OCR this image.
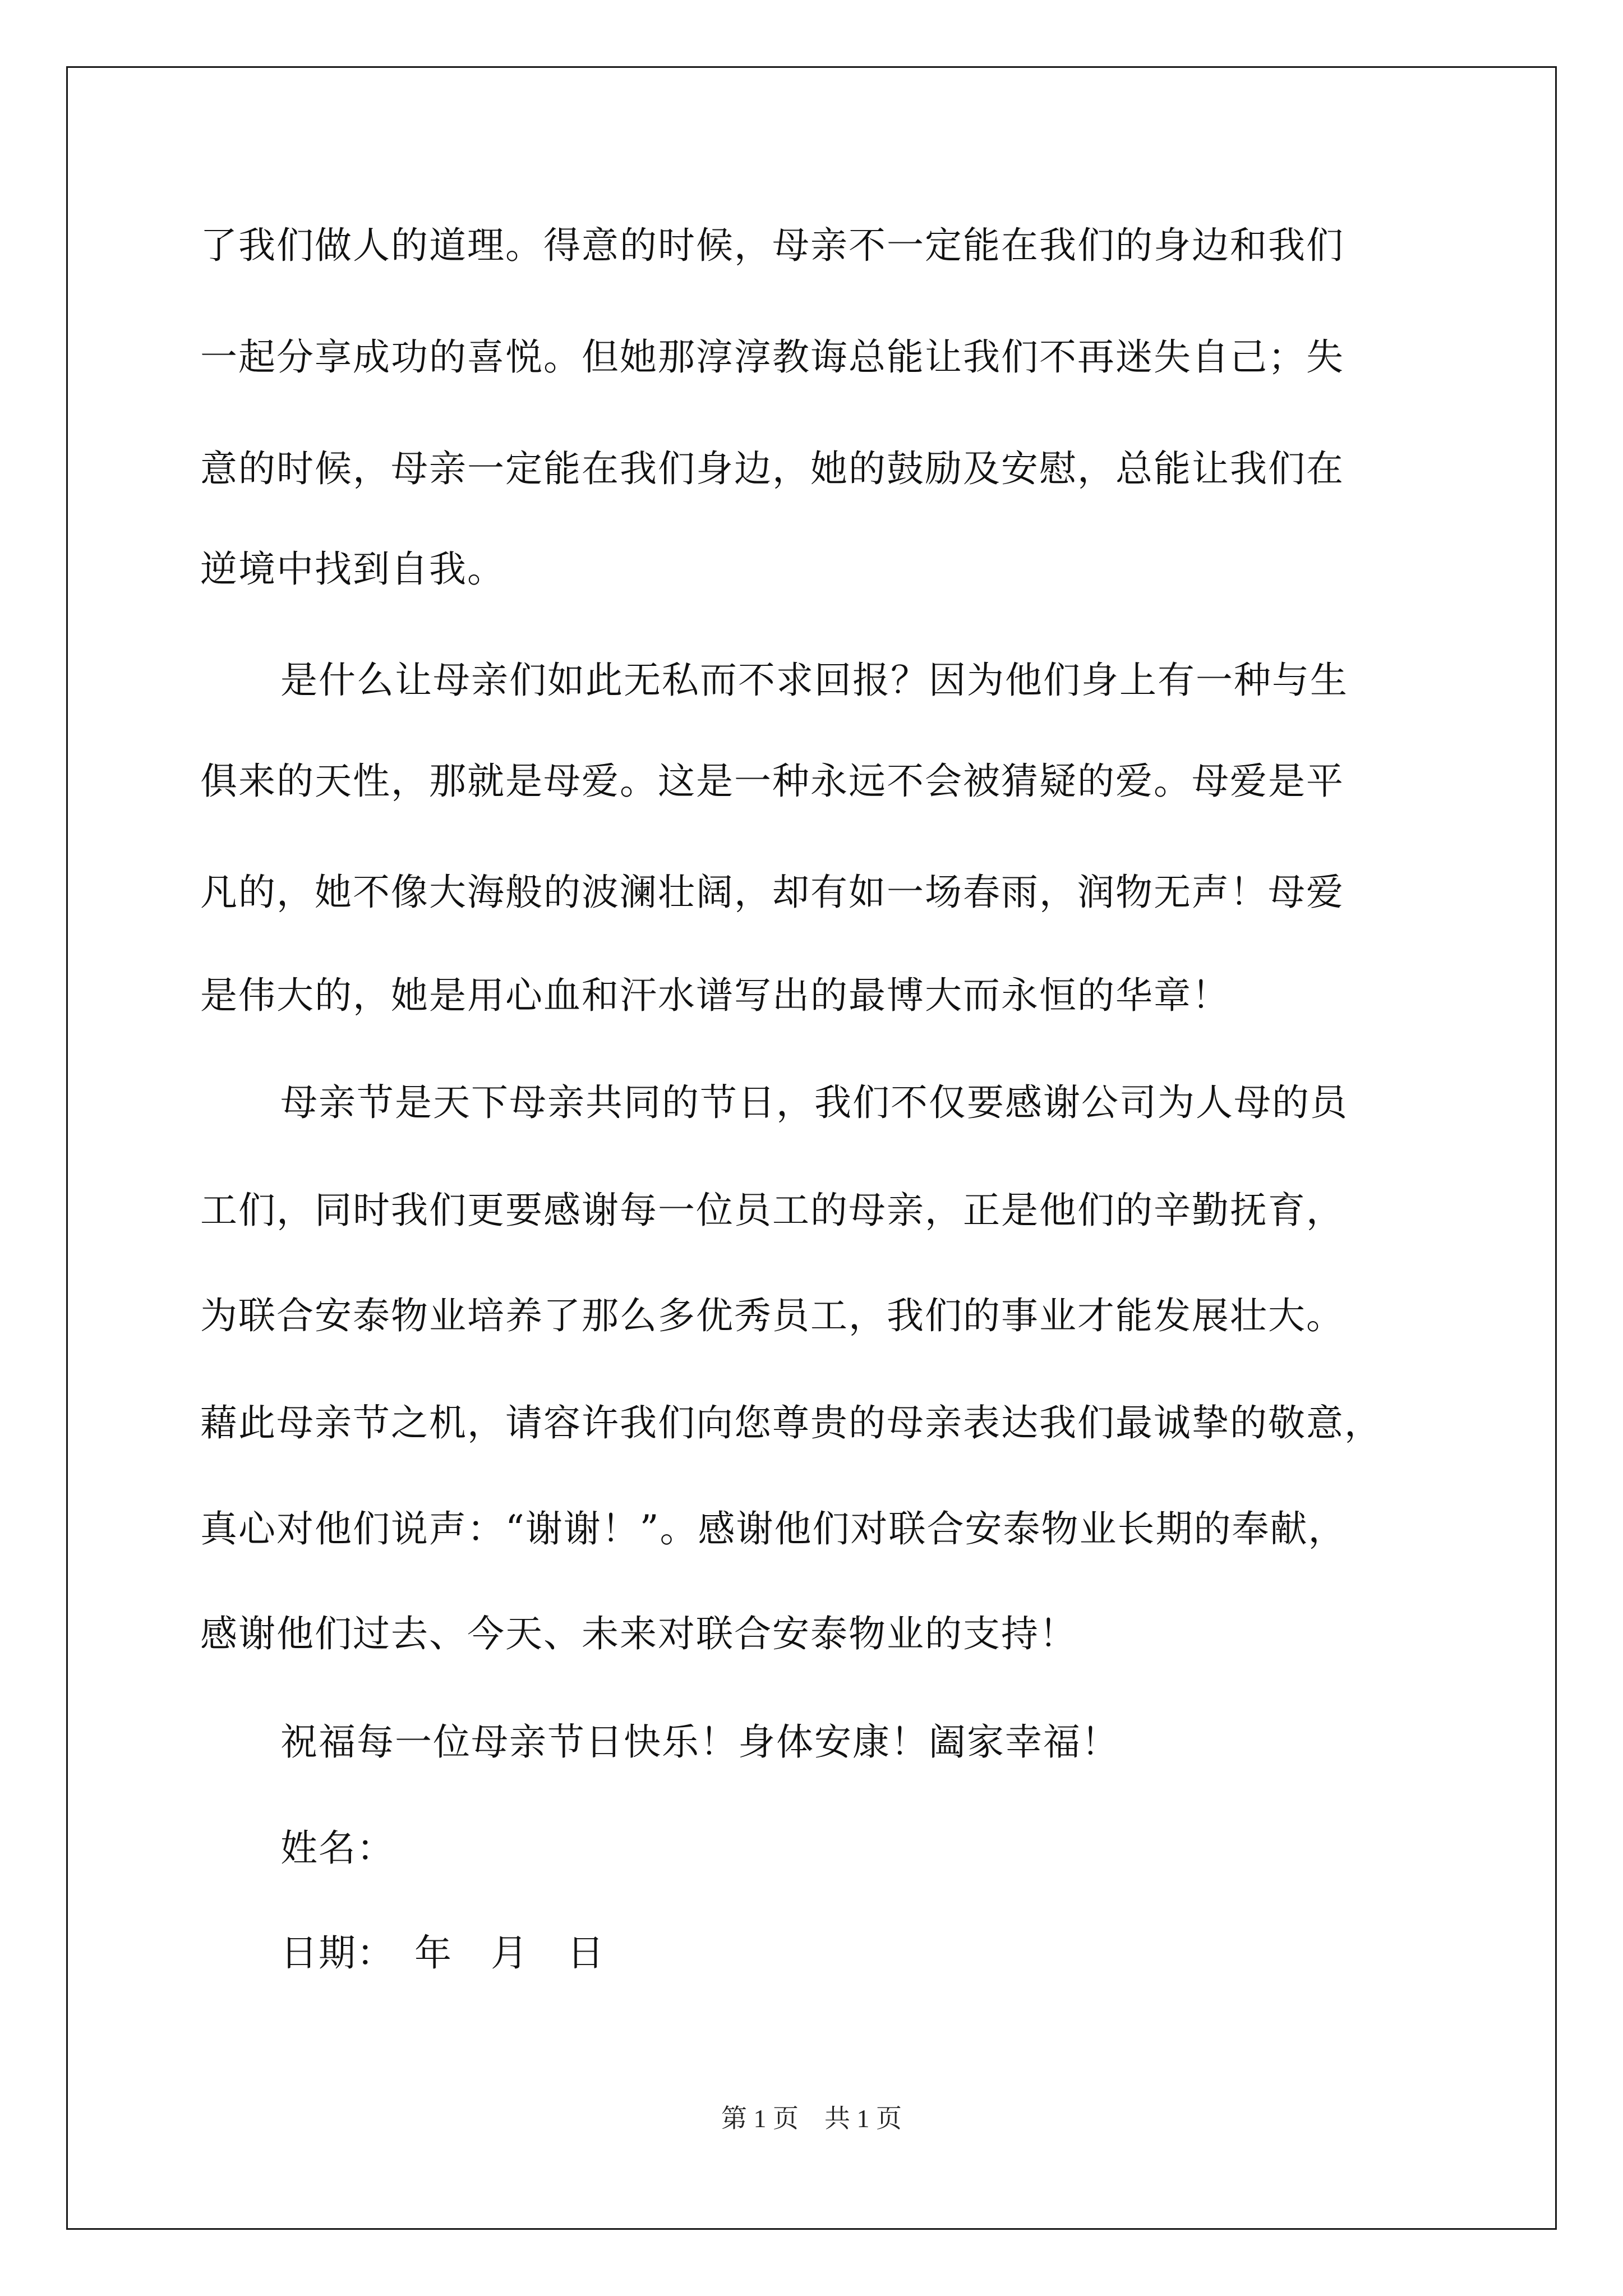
了我们做人的道理。得意的时候，母亲不一定能在我们的身边和我们
一起分享成功的喜悦。但她那淳淳教诲总能让我们不再迷失自己；失
意的时候，母亲一定能在我们身边，她的鼓励及安慰，总能让我们在
逆境中找到自我。
是什么让母亲们如此无私而不求回报？因为他们身上有一种与生
俱来的天性，那就是母爱。这是一种永远不会被猜疑的爱。母爱是平
凡的，她不像大海般的波澜壮阔，却有如一场春雨，润物无声！母爱
是伟大的，她是用心血和汗水谱写出的最博大而永恒的华章！
母亲节是天下母亲共同的节日，我们不仅要感谢公司为人母的员
工们，同时我们更要感谢每一位员工的母亲，正是他们的辛勤抚育，
为联合安泰物业培养了那么多优秀员工，我们的事业才能发展壮大。
藉此母亲节之机，请容许我们向您尊贵的母亲表达我们最诚挚的敬意，
真心对他们说声：“谢谢！”。感谢他们对联合安泰物业长期的奉献，
感谢他们过去、今天、未来对联合安泰物业的支持！
祝福每一位母亲节日快乐！身体安康！阖家幸福！
姓名：
日期：　年　月　日
第 1 页　共 1 页
